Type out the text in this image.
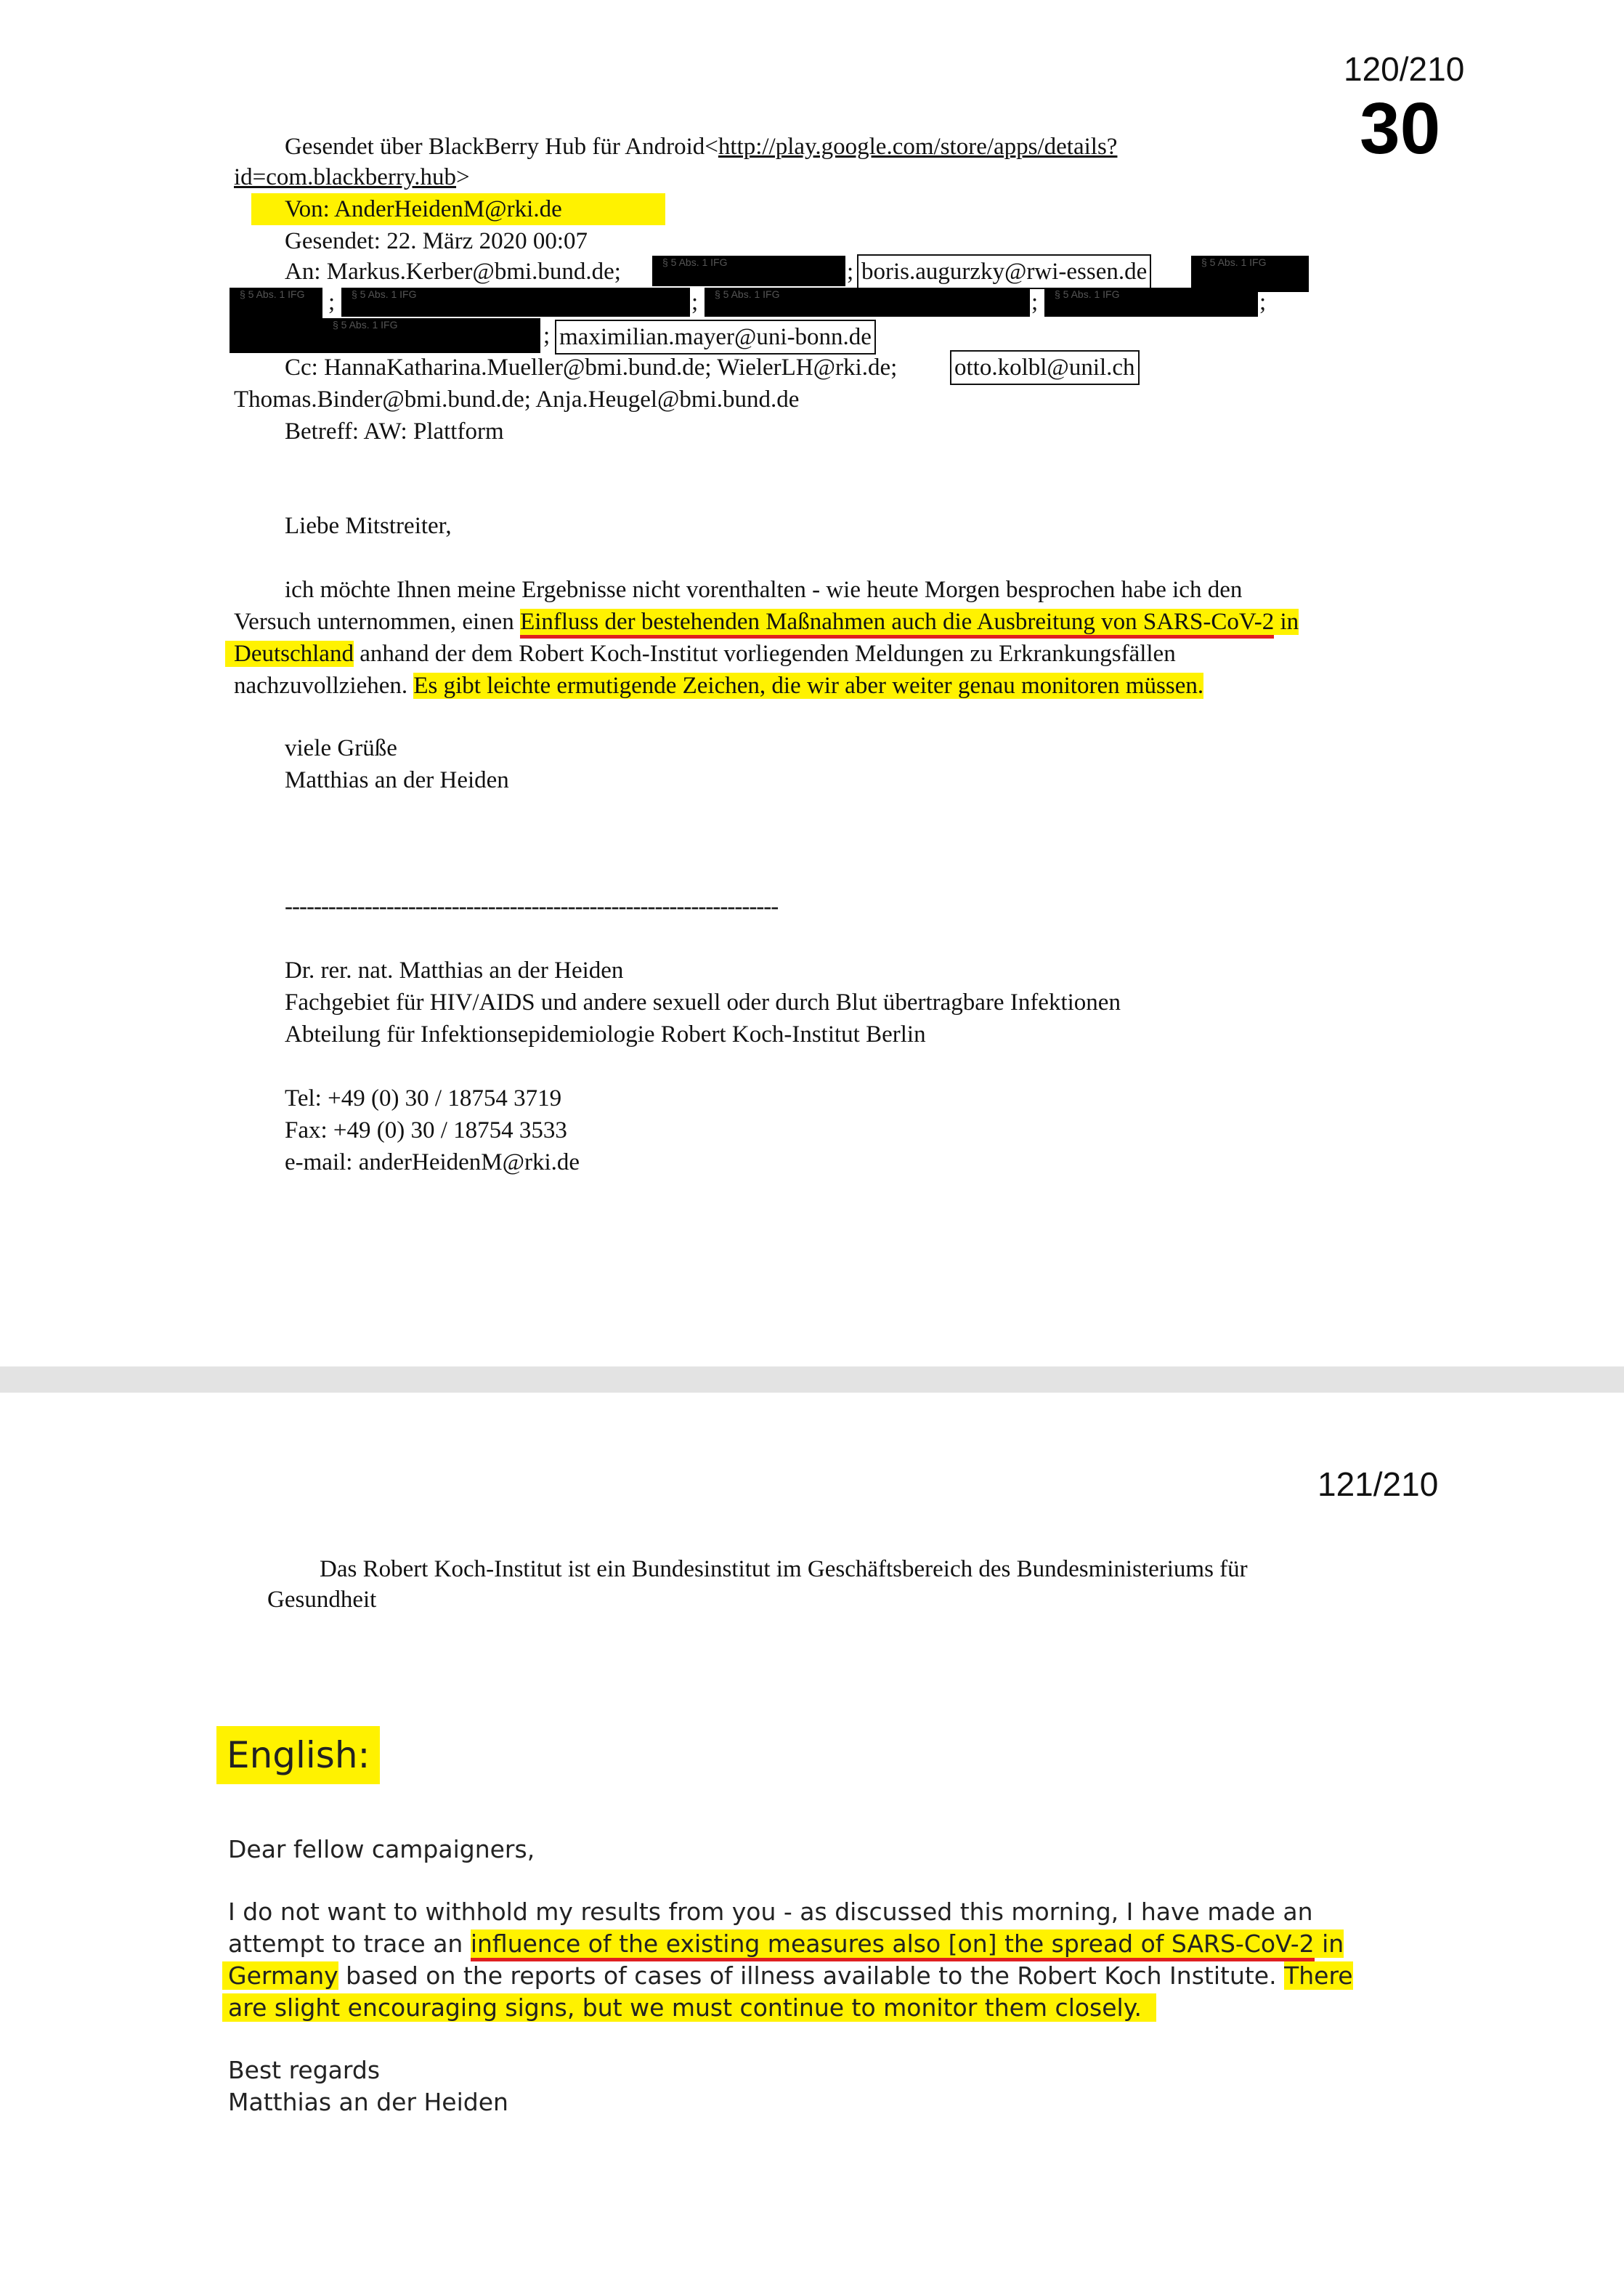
120/210
30
Gesendet über BlackBerry Hub für Android<http://play.google.com/store/apps/details?
id=com.blackberry.hub>
Von: AnderHeidenM@rki.de
Gesendet: 22. März 2020 00:07
An: Markus.Kerber@bmi.bund.de;	§ 5 Abs. 1 IFG	; boris.augurzky@rwi-essen.de	§ 5 Abs. 1 IFG
§ 5 Abs. 1 IFG ;	§ 5 Abs. 1 IFG	;	§ 5 Abs. 1 IFG	;	§ 5 Abs. 1 IFG	;
§ 5 Abs. 1 IFG	; maximilian.mayer@uni-bonn.de
Cc: HannaKatharina.Mueller@bmi.bund.de; WielerLH@rki.de; otto.kolbl@unil.ch
Thomas.Binder@bmi.bund.de; Anja.Heugel@bmi.bund.de
Betreff: AW: Plattform
Liebe Mitstreiter,
ich möchte Ihnen meine Ergebnisse nicht vorenthalten - wie heute Morgen besprochen habe ich den
Versuch unternommen, einen Einfluss der bestehenden Maßnahmen auch die Ausbreitung von SARS-CoV-2 in
Deutschland anhand der dem Robert Koch-Institut vorliegenden Meldungen zu Erkrankungsfällen
nachzuvollziehen. Es gibt leichte ermutigende Zeichen, die wir aber weiter genau monitoren müssen.
viele Grüße
Matthias an der Heiden
--------------------------------------------------------------------
Dr. rer. nat. Matthias an der Heiden
Fachgebiet für HIV/AIDS und andere sexuell oder durch Blut übertragbare Infektionen
Abteilung für Infektionsepidemiologie Robert Koch-Institut Berlin
Tel: +49 (0) 30 / 18754 3719
Fax: +49 (0) 30 / 18754 3533
e-mail: anderHeidenM@rki.de
121/210
Das Robert Koch-Institut ist ein Bundesinstitut im Geschäftsbereich des Bundesministeriums für
Gesundheit
English:
Dear fellow campaigners,
I do not want to withhold my results from you - as discussed this morning, I have made an
attempt to trace an influence of the existing measures also [on] the spread of SARS-CoV-2 in
Germany based on the reports of cases of illness available to the Robert Koch Institute. There
are slight encouraging signs, but we must continue to monitor them closely.
Best regards
Matthias an der Heiden
